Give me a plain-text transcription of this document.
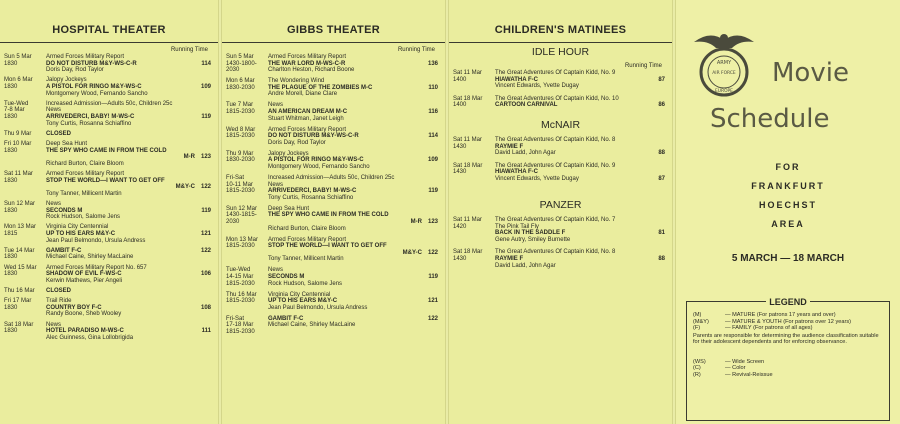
HOSPITAL THEATER
Running Time
Sun 5 Mar
1830
Armed Forces Military Report
DO NOT DISTURB M&Y-WS-C-R
Doris Day, Rod Taylor
114
Mon 6 Mar
1830
Jalopy Jockeys
A PISTOL FOR RINGO M&Y-WS-C
Montgomery Wood, Fernando Sancho
109
Tue-Wed
7-8 Mar
1830
Increased Admission—Adults 50c, Children 25c
News
ARRIVEDERCI, BABY! M-WS-C
Tony Curtis, Rosanna Schiaffino
119
Thu 9 Mar	CLOSED
Fri 10 Mar
1830
Deep Sea Hunt
THE SPY WHO CAME IN FROM THE COLD
M-R
Richard Burton, Claire Bloom
123
Sat 11 Mar
1830
Armed Forces Military Report
STOP THE WORLD—I WANT TO GET OFF
M&Y-C
Tony Tanner, Millicent Martin
122
Sun 12 Mar
1830
News
SECONDS M
Rock Hudson, Salome Jens
119
Mon 13 Mar
1815
Virginia City Centennial
UP TO HIS EARS M&Y-C
Jean Paul Belmondo, Ursula Andress
121
Tue 14 Mar
1830
GAMBIT F-C
Michael Caine, Shirley MacLaine
122
Wed 15 Mar
1830
Armed Forces Military Report No. 657
SHADOW OF EVIL F-WS-C
Kerwin Mathews, Pier Angeli
106
Thu 16 Mar	CLOSED
Fri 17 Mar
1830
Trail Ride
COUNTRY BOY F-C
Randy Boone, Sheb Wooley
108
Sat 18 Mar
1830
News
HOTEL PARADISO M-WS-C
Alec Guinness, Gina Lollobrigida
111
GIBBS THEATER
Running Time
Sun 5 Mar
1430-1800-
2030
Armed Forces Military Report
THE WAR LORD M-WS-C-R
Charlton Heston, Richard Boone
136
Mon 6 Mar
1830-2030
The Wondering Wind
THE PLAGUE OF THE ZOMBIES M-C
Andre Morell, Diane Clare
110
Tue 7 Mar
1815-2030
News
AN AMERICAN DREAM M-C
Stuart Whitman, Janet Leigh
116
Wed 8 Mar
1815-2030
Armed Forces Military Report
DO NOT DISTURB M&Y-WS-C-R
Doris Day, Rod Taylor
114
Thu 9 Mar
1830-2030
Jalopy Jockeys
A PISTOL FOR RINGO M&Y-WS-C
Montgomery Wood, Fernando Sancho
109
Fri-Sat
10-11 Mar
1815-2030
Increased Admission—Adults 50c, Children 25c
News
ARRIVEDERCI, BABY! M-WS-C
Tony Curtis, Rosanna Schiaffino
119
Sun 12 Mar
1430-1815-
2030
Deep Sea Hunt
THE SPY WHO CAME IN FROM THE COLD
M-R
Richard Burton, Claire Bloom
123
Mon 13 Mar
1815-2030
Armed Forces Military Report
STOP THE WORLD—I WANT TO GET OFF
M&Y-C
Tony Tanner, Millicent Martin
122
Tue-Wed
14-15 Mar
1815-2030
News
SECONDS M
Rock Hudson, Salome Jens
119
Thu 16 Mar
1815-2030
Virginia City Centennial
UP TO HIS EARS M&Y-C
Jean Paul Belmondo, Ursula Andress
121
Fri-Sat
17-18 Mar
1815-2030
GAMBIT F-C
Michael Caine, Shirley MacLaine
122
CHILDREN'S MATINEES
IDLE HOUR
Running Time
Sat 11 Mar
1400
The Great Adventures Of Captain Kidd, No. 9
HIAWATHA F-C
Vincent Edwards, Yvette Dugay
87
Sat 18 Mar
1400
The Great Adventures Of Captain Kidd, No. 10
CARTOON CARNIVAL	86
McNAIR
Sat 11 Mar
1430
The Great Adventures Of Captain Kidd, No. 8
RAYMIE F
David Ladd, John Agar	88
Sat 18 Mar
1430
The Great Adventures Of Captain Kidd, No. 9
HIAWATHA F-C
Vincent Edwards, Yvette Dugay	87
PANZER
Sat 11 Mar
1420
The Great Adventures Of Captain Kidd, No. 7
The Pink Tail Fly
BACK IN THE SADDLE F
Gene Autry, Smiley Burnette
81
Sat 18 Mar
1430
The Great Adventures Of Captain Kidd, No. 8
RAYMIE F
David Ladd, John Agar
88
ARMY
AIR FORCE
EUROPE
Movie
Schedule
FOR
FRANKFURT
HOECHST
AREA
5 MARCH — 18 MARCH
LEGEND
(M)	— MATURE (For patrons 17 years and over)
(M&Y)	— MATURE & YOUTH (For patrons over 12 years)
(F)	— FAMILY (For patrons of all ages)
Parents are responsible for determining the audience classification suitable for their adolescent dependents and for enforcing observance.
(WS)	— Wide Screen
(C)	— Color
(R)	— Revival-Reissue
